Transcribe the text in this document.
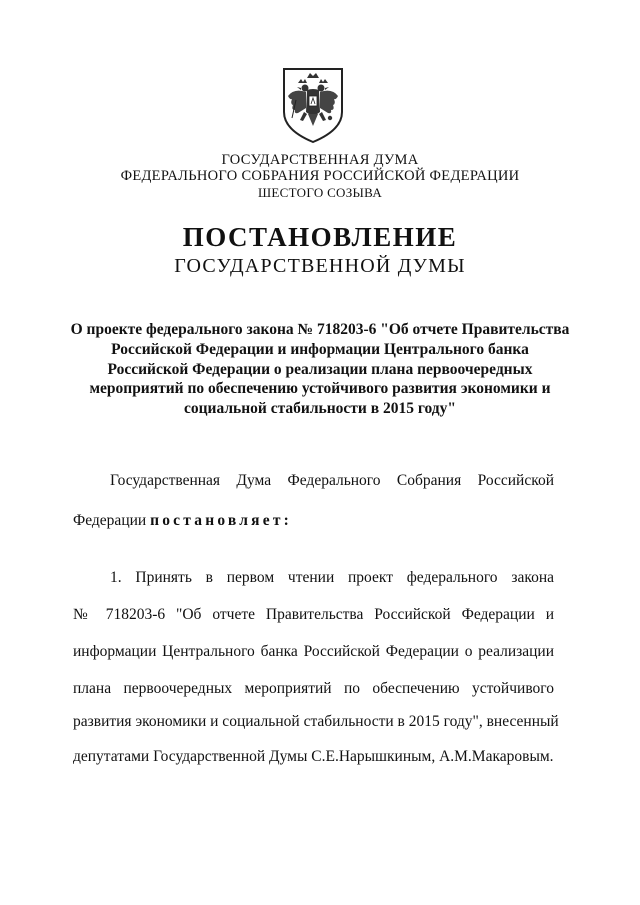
ГОСУДАРСТВЕННАЯ ДУМА
ФЕДЕРАЛЬНОГО СОБРАНИЯ РОССИЙСКОЙ ФЕДЕРАЦИИ
ШЕСТОГО СОЗЫВА
ПОСТАНОВЛЕНИЕ
ГОСУДАРСТВЕННОЙ ДУМЫ
О проекте федерального закона № 718203-6 "Об отчете Правительства
Российской Федерации и информации Центрального банка
Российской Федерации о реализации плана первоочередных
мероприятий по обеспечению устойчивого развития экономики и
социальной стабильности в 2015 году"
Государственная Дума Федерального Собрания Российской
Федерации постановляет:
1. Принять в первом чтении проект федерального закона
№ 718203-6 "Об отчете Правительства Российской Федерации и
информации Центрального банка Российской Федерации о реализации
плана первоочередных мероприятий по обеспечению устойчивого
развития экономики и социальной стабильности в 2015 году", внесенный
депутатами Государственной Думы С.Е.Нарышкиным, А.М.Макаровым.
